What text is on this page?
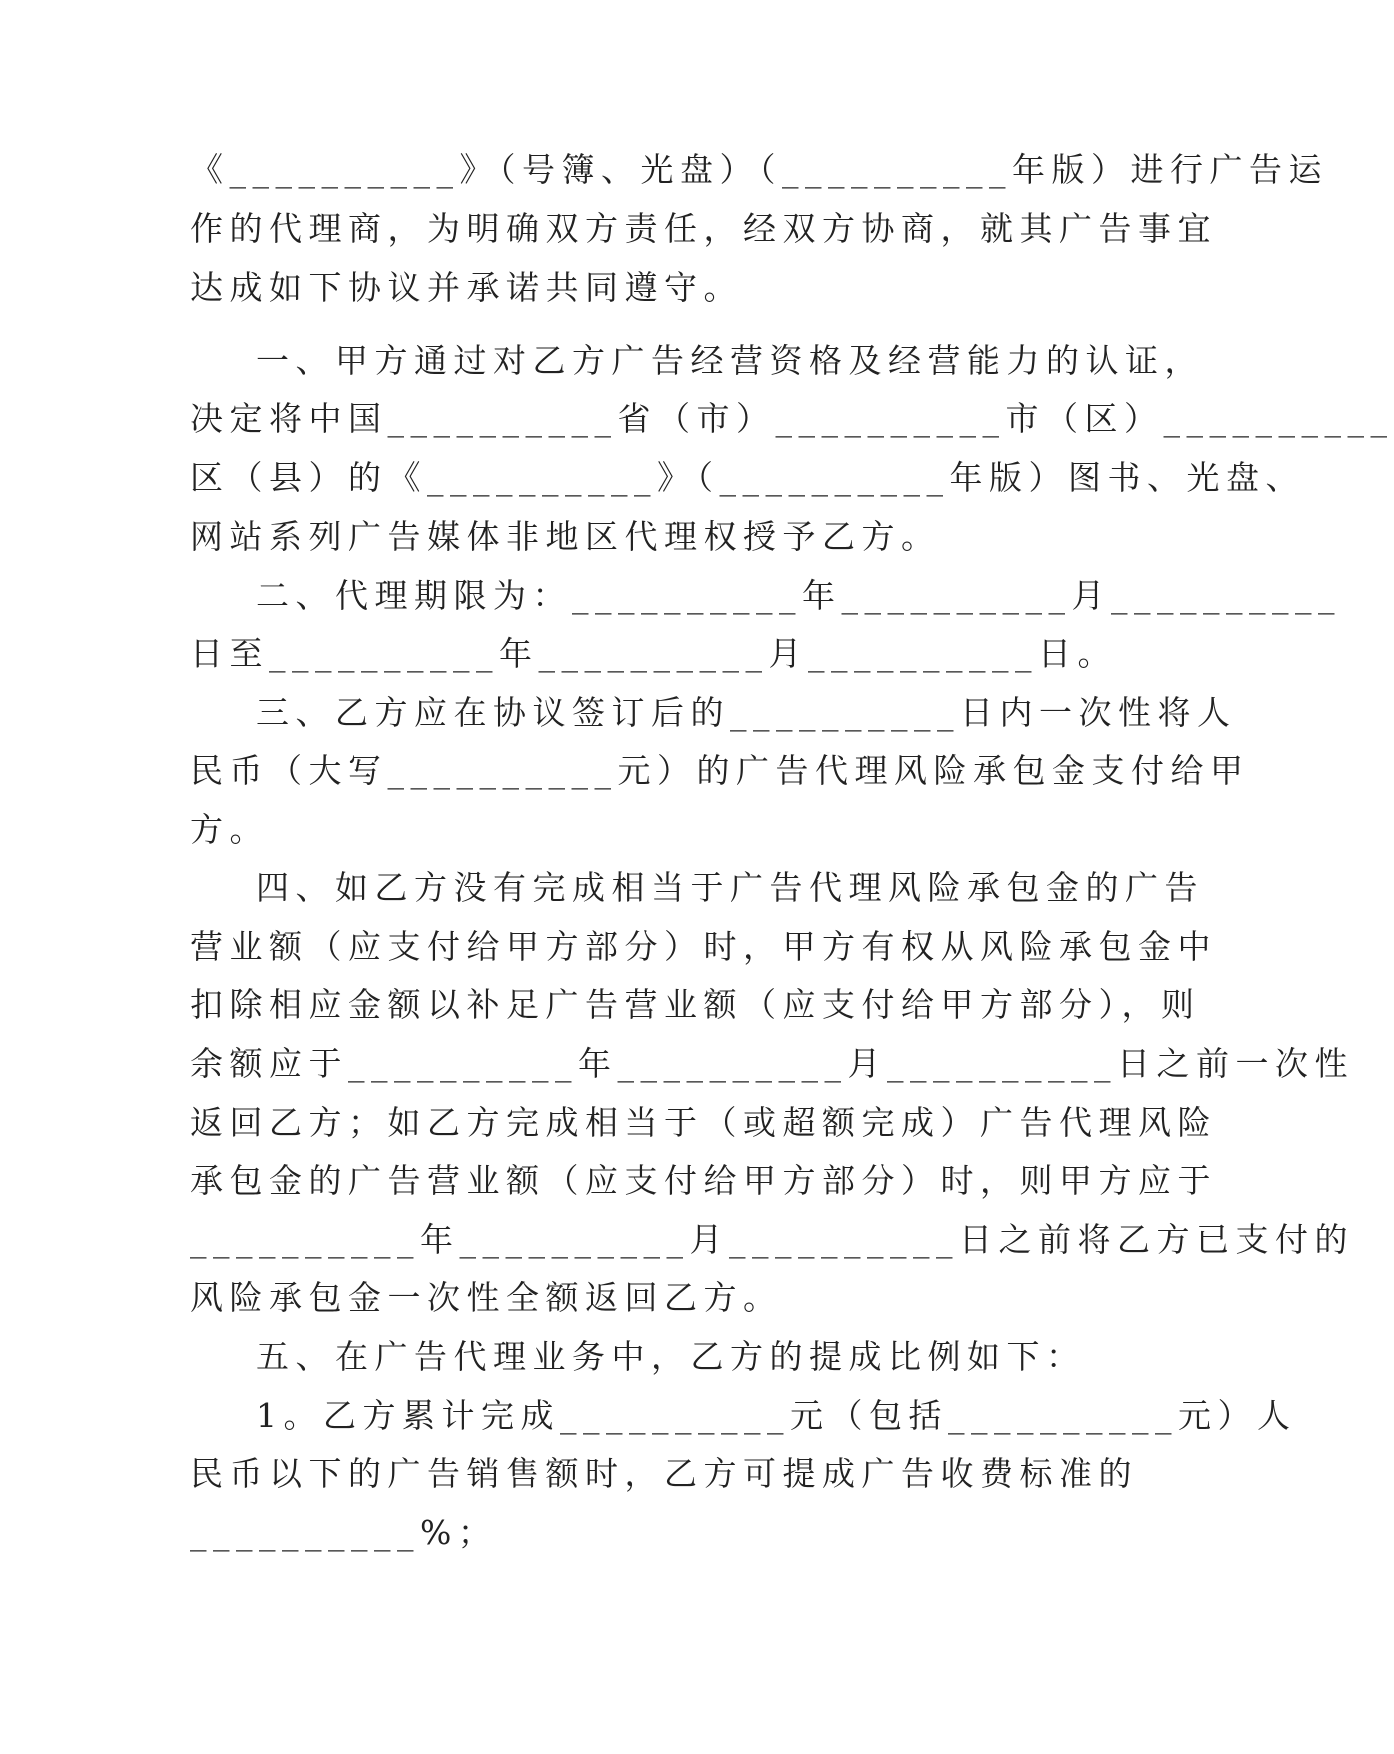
《__________》（号簿、光盘）（__________年版）进行广告运
作的代理商，为明确双方责任，经双方协商，就其广告事宜
达成如下协议并承诺共同遵守。
一、甲方通过对乙方广告经营资格及经营能力的认证，
决定将中国__________省（市）__________市（区）__________
区（县）的《__________》（__________年版）图书、光盘、
网站系列广告媒体非地区代理权授予乙方。
二、代理期限为：__________年__________月__________
日至__________年__________月__________日。
三、乙方应在协议签订后的__________日内一次性将人
民币（大写__________元）的广告代理风险承包金支付给甲
方。
四、如乙方没有完成相当于广告代理风险承包金的广告
营业额（应支付给甲方部分）时，甲方有权从风险承包金中
扣除相应金额以补足广告营业额（应支付给甲方部分），则
余额应于__________年__________月__________日之前一次性
返回乙方；如乙方完成相当于（或超额完成）广告代理风险
承包金的广告营业额（应支付给甲方部分）时，则甲方应于
__________年__________月__________日之前将乙方已支付的
风险承包金一次性全额返回乙方。
五、在广告代理业务中，乙方的提成比例如下：
1。乙方累计完成__________元（包括__________元）人
民币以下的广告销售额时，乙方可提成广告收费标准的
__________%；
